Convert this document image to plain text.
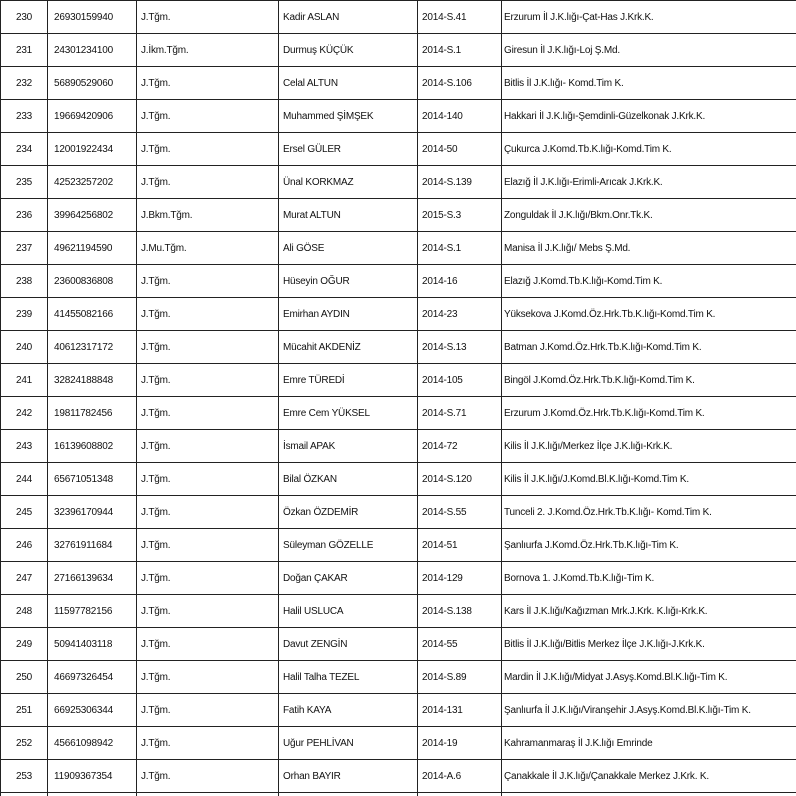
230	26930159940	J.Tğm.	Kadir ASLAN	2014-S.41	Erzurum İl J.K.lığı-Çat-Has J.Krk.K.
231	24301234100	J.İkm.Tğm.	Durmuş KÜÇÜK	2014-S.1	Giresun İl J.K.lığı-Loj Ş.Md.
232	56890529060	J.Tğm.	Celal ALTUN	2014-S.106	Bitlis İl J.K.lığı- Komd.Tim K.
233	19669420906	J.Tğm.	Muhammed ŞİMŞEK	2014-140	Hakkari İl J.K.lığı-Şemdinli-Güzelkonak J.Krk.K.
234	12001922434	J.Tğm.	Ersel GÜLER	2014-50	Çukurca J.Komd.Tb.K.lığı-Komd.Tim K.
235	42523257202	J.Tğm.	Ünal KORKMAZ	2014-S.139	Elazığ İl J.K.lığı-Erimli-Arıcak J.Krk.K.
236	39964256802	J.Bkm.Tğm.	Murat ALTUN	2015-S.3	Zonguldak İl J.K.lığı/Bkm.Onr.Tk.K.
237	49621194590	J.Mu.Tğm.	Ali GÖSE	2014-S.1	Manisa İl J.K.lığı/ Mebs Ş.Md.
238	23600836808	J.Tğm.	Hüseyin OĞUR	2014-16	Elazığ J.Komd.Tb.K.lığı-Komd.Tim K.
239	41455082166	J.Tğm.	Emirhan AYDIN	2014-23	Yüksekova J.Komd.Öz.Hrk.Tb.K.lığı-Komd.Tim K.
240	40612317172	J.Tğm.	Mücahit AKDENİZ	2014-S.13	Batman J.Komd.Öz.Hrk.Tb.K.lığı-Komd.Tim K.
241	32824188848	J.Tğm.	Emre TÜREDİ	2014-105	Bingöl J.Komd.Öz.Hrk.Tb.K.lığı-Komd.Tim K.
242	19811782456	J.Tğm.	Emre Cem YÜKSEL	2014-S.71	Erzurum J.Komd.Öz.Hrk.Tb.K.lığı-Komd.Tim K.
243	16139608802	J.Tğm.	İsmail APAK	2014-72	Kilis İl J.K.lığı/Merkez İlçe J.K.lığı-Krk.K.
244	65671051348	J.Tğm.	Bilal ÖZKAN	2014-S.120	Kilis İl J.K.lığı/J.Komd.Bl.K.lığı-Komd.Tim K.
245	32396170944	J.Tğm.	Özkan ÖZDEMİR	2014-S.55	Tunceli 2. J.Komd.Öz.Hrk.Tb.K.lığı- Komd.Tim K.
246	32761911684	J.Tğm.	Süleyman GÖZELLE	2014-51	Şanlıurfa J.Komd.Öz.Hrk.Tb.K.lığı-Tim K.
247	27166139634	J.Tğm.	Doğan ÇAKAR	2014-129	Bornova 1. J.Komd.Tb.K.lığı-Tim K.
248	11597782156	J.Tğm.	Halil USLUCA	2014-S.138	Kars İl J.K.lığı/Kağızman Mrk.J.Krk. K.lığı-Krk.K.
249	50941403118	J.Tğm.	Davut ZENGİN	2014-55	Bitlis İl J.K.lığı/Bitlis Merkez İlçe J.K.lığı-J.Krk.K.
250	46697326454	J.Tğm.	Halil Talha TEZEL	2014-S.89	Mardin İl J.K.lığı/Midyat J.Asyş.Komd.Bl.K.lığı-Tim K.
251	66925306344	J.Tğm.	Fatih KAYA	2014-131	Şanlıurfa İl J.K.lığı/Viranşehir J.Asyş.Komd.Bl.K.lığı-Tim K.
252	45661098942	J.Tğm.	Uğur PEHLİVAN	2014-19	Kahramanmaraş İl J.K.lığı Emrinde
253	11909367354	J.Tğm.	Orhan BAYIR	2014-A.6	Çanakkale İl J.K.lığı/Çanakkale Merkez J.Krk. K.
